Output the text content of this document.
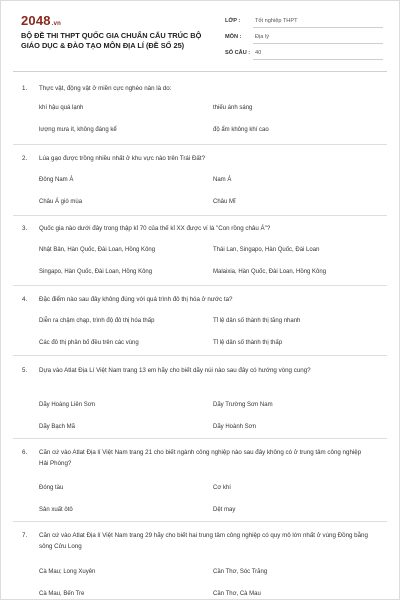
2048.vn
BỘ ĐỀ THI THPT QUỐC GIA CHUẨN CẤU TRÚC BỘ GIÁO DỤC & ĐÀO TẠO MÔN ĐỊA LÍ (ĐỀ SỐ 25)
LỚP :	Tốt nghiệp THPT
MÔN :	Địa lý
SỐ CÂU : 40
1. Thực vật, động vật ở miền cực nghèo nàn là do:
khí hậu quá lạnh	thiếu ánh sáng
lượng mưa ít, không đáng kể	độ ẩm không khí cao
2. Lúa gạo được trồng nhiều nhất ở khu vực nào trên Trái Đất?
Đông Nam Á	Nam Á
Châu Á gió mùa	Châu Mĩ
3. Quốc gia nào dưới đây trong thập kỉ 70 của thế kỉ XX được ví là "Con rồng châu Á"?
Nhật Bản, Hàn Quốc, Đài Loan, Hồng Kông	Thái Lan, Singapo, Hàn Quốc, Đài Loan
Singapo, Hàn Quốc, Đài Loan, Hồng Kông	Malaixia, Hàn Quốc, Đài Loan, Hồng Kông
4. Đặc điểm nào sau đây không đúng với quá trình đô thị hóa ở nước ta?
Diễn ra chậm chạp, trình độ đô thị hóa thấp	Tỉ lệ dân số thành thị tăng nhanh
Các đô thị phân bố đều trên các vùng	Tỉ lệ dân số thành thị thấp
5. Dựa vào Atlat Địa Lí Việt Nam trang 13 em hãy cho biết dãy núi nào sau đây có hướng vòng cung?
Dãy Hoàng Liên Sơn	Dãy Trường Sơn Nam
Dãy Bạch Mã	Dãy Hoành Sơn
6. Căn cứ vào Atlat Địa lí Việt Nam trang 21 cho biết ngành công nghiệp nào sau đây không có ở trung tâm công nghiệp Hải Phòng?
Đóng tàu	Cơ khí
Sản xuất ôtô	Dệt may
7. Căn cứ vào Atlat Địa lí Việt Nam trang 29 hãy cho biết hai trung tâm công nghiệp có quy mô lớn nhất ở vùng Đồng bằng sông Cửu Long
Cà Mau; Long Xuyên	Cần Thơ, Sóc Trăng
Cà Mau, Bến Tre	Cần Thơ, Cà Mau
